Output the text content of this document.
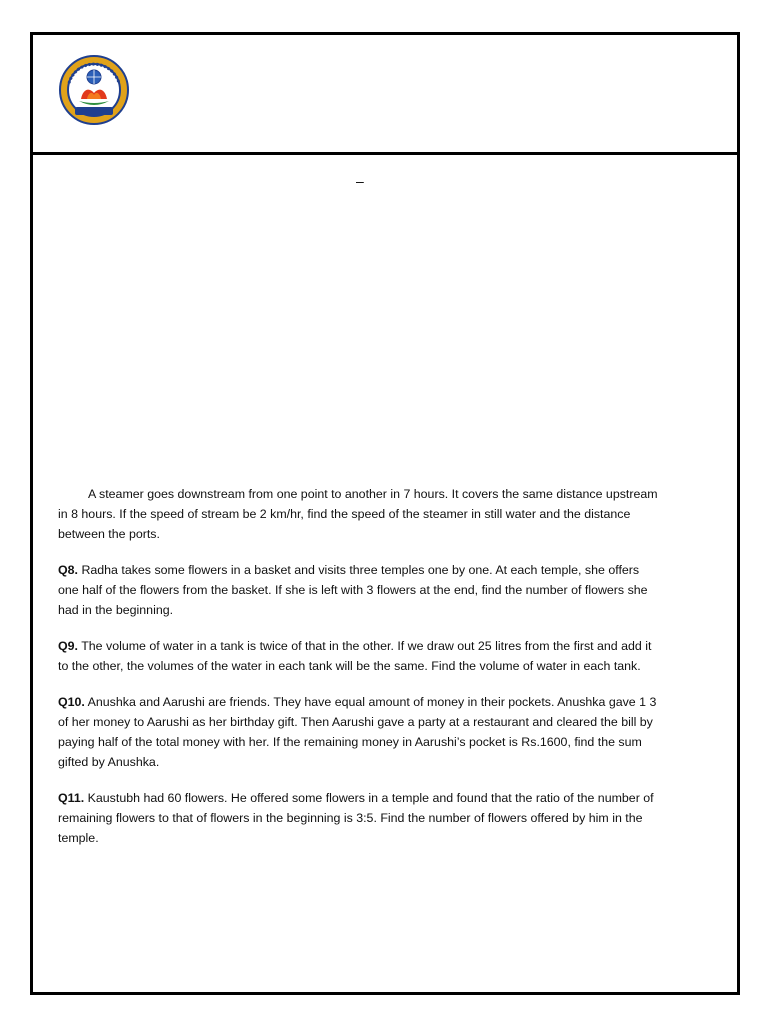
–

A steamer goes downstream from one point to another in 7 hours. It covers the same distance upstream in 8 hours. If the speed of stream be 2 km/hr, find the speed of the steamer in still water and the distance between the ports.

Q8. Radha takes some flowers in a basket and visits three temples one by one. At each temple, she offers one half of the flowers from the basket. If she is left with 3 flowers at the end, find the number of flowers she had in the beginning.

Q9. The volume of water in a tank is twice of that in the other. If we draw out 25 litres from the first and add it to the other, the volumes of the water in each tank will be the same. Find the volume of water in each tank.

Q10. Anushka and Aarushi are friends. They have equal amount of money in their pockets. Anushka gave 1 3 of her money to Aarushi as her birthday gift. Then Aarushi gave a party at a restaurant and cleared the bill by paying half of the total money with her. If the remaining money in Aarushi’s pocket is Rs.1600, find the sum gifted by Anushka.

Q11. Kaustubh had 60 flowers. He offered some flowers in a temple and found that the ratio of the number of remaining flowers to that of flowers in the beginning is 3:5. Find the number of flowers offered by him in the temple.
